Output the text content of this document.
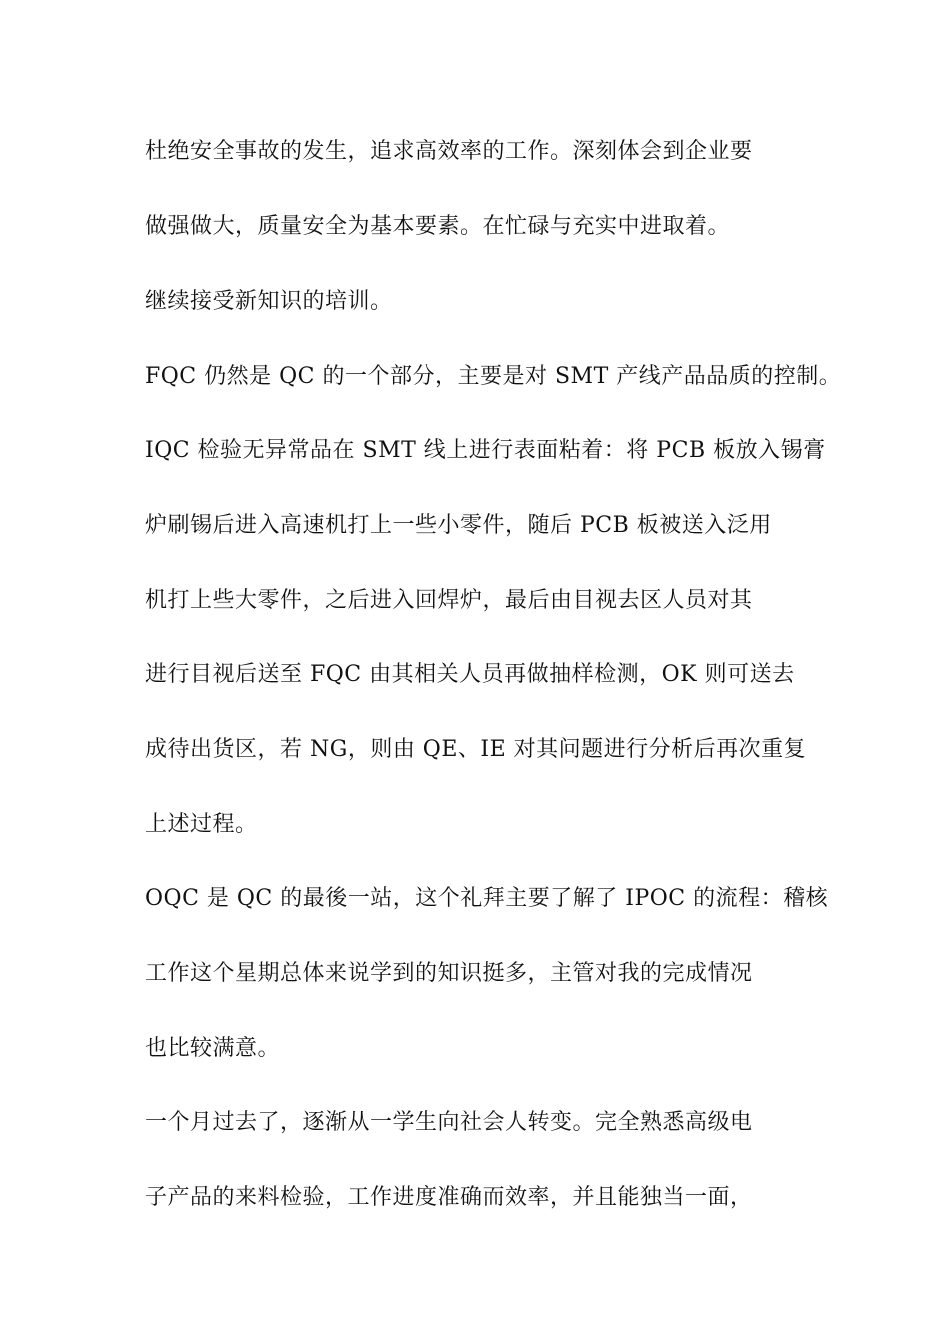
杜绝安全事故的发生，追求高效率的工作。深刻体会到企业要
做强做大，质量安全为基本要素。在忙碌与充实中进取着。
继续接受新知识的培训。
FQC 仍然是 QC 的一个部分，主要是对 SMT 产线产品品质的控制。
IQC 检验无异常品在 SMT 线上进行表面粘着：将 PCB 板放入锡膏
炉刷锡后进入高速机打上一些小零件，随后 PCB 板被送入泛用
机打上些大零件，之后进入回焊炉，最后由目视去区人员对其
进行目视后送至 FQC 由其相关人员再做抽样检测，OK 则可送去
成待出货区，若 NG，则由 QE、IE 对其问题进行分析后再次重复
上述过程。
OQC 是 QC 的最後一站，这个礼拜主要了解了 IPOC 的流程：稽核
工作这个星期总体来说学到的知识挺多，主管对我的完成情况
也比较满意。
一个月过去了，逐渐从一学生向社会人转变。完全熟悉高级电
子产品的来料检验，工作进度准确而效率，并且能独当一面，
